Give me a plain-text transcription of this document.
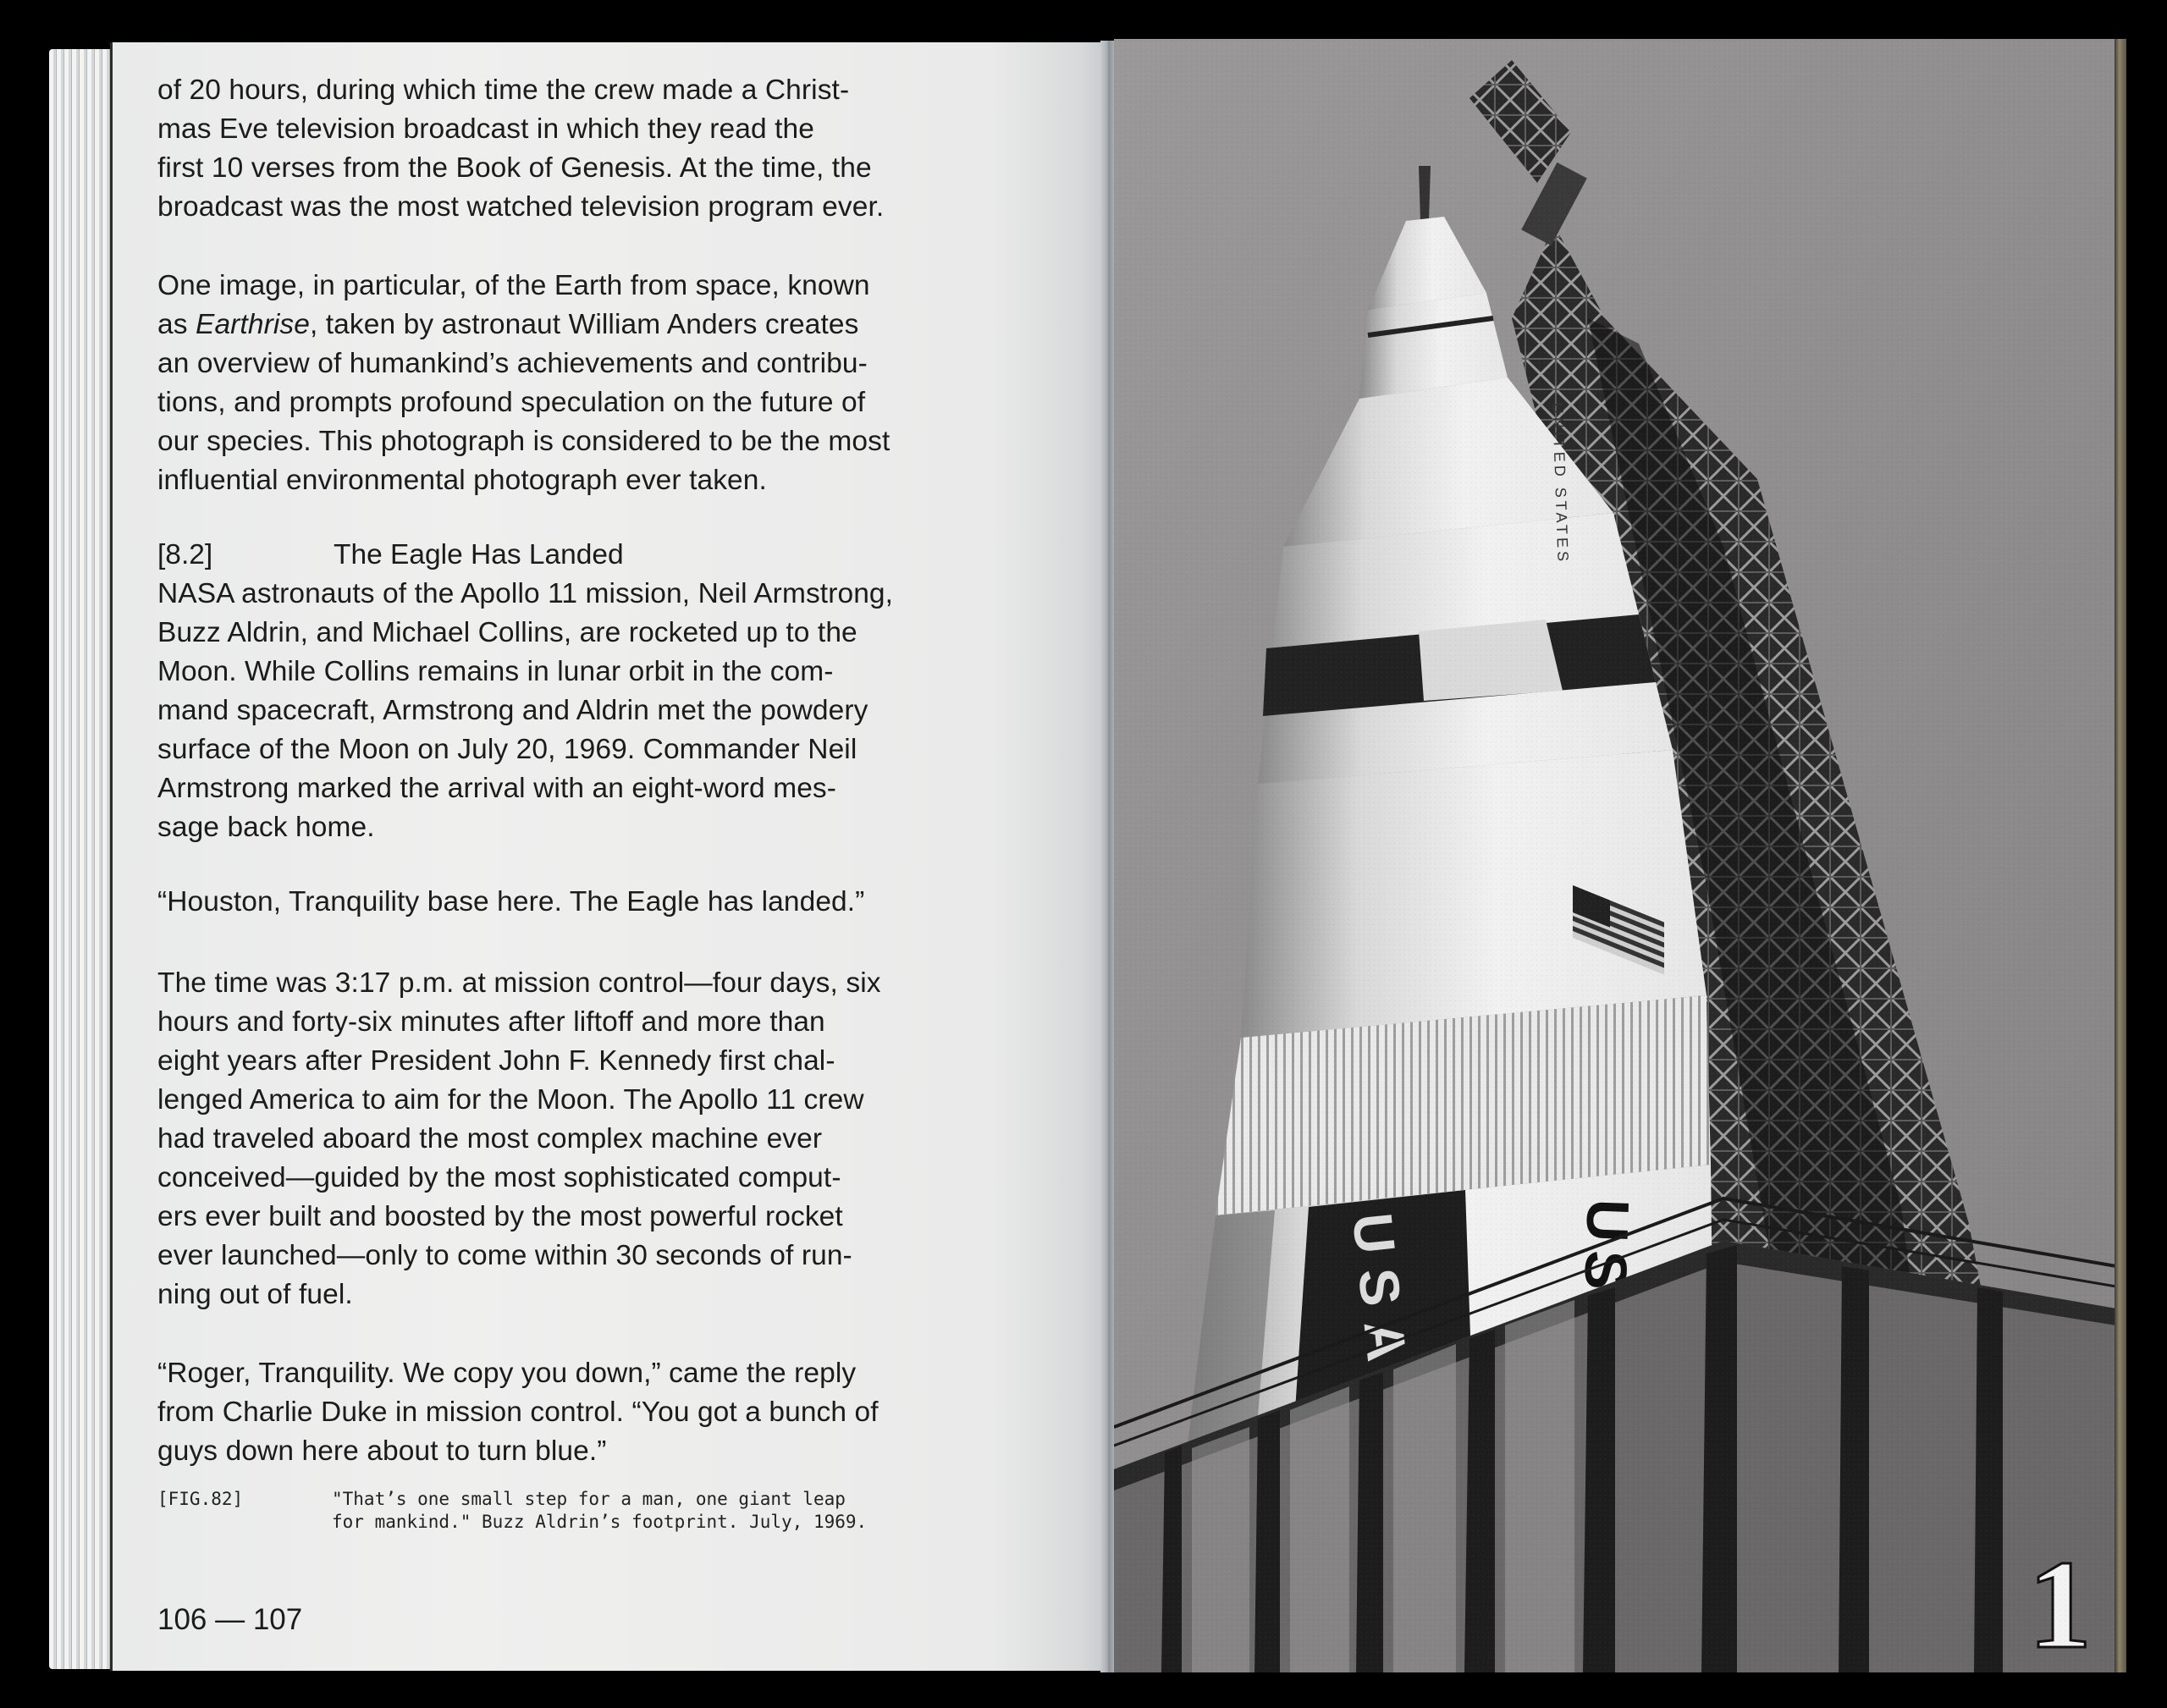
of 20 hours, during which time the crew made a Christ-
mas Eve television broadcast in which they read the
first 10 verses from the Book of Genesis. At the time, the
broadcast was the most watched television program ever.
One image, in particular, of the Earth from space, known
as Earthrise, taken by astronaut William Anders creates
an overview of humankind’s achievements and contribu-
tions, and prompts profound speculation on the future of
our species. This photograph is considered to be the most
influential environmental photograph ever taken.
[8.2]	The Eagle Has Landed
NASA astronauts of the Apollo 11 mission, Neil Armstrong,
Buzz Aldrin, and Michael Collins, are rocketed up to the
Moon. While Collins remains in lunar orbit in the com-
mand spacecraft, Armstrong and Aldrin met the powdery
surface of the Moon on July 20, 1969. Commander Neil
Armstrong marked the arrival with an eight-word mes-
sage back home.
“Houston, Tranquility base here. The Eagle has landed.”
The time was 3:17 p.m. at mission control—four days, six
hours and forty-six minutes after liftoff and more than
eight years after President John F. Kennedy first chal-
lenged America to aim for the Moon. The Apollo 11 crew
had traveled aboard the most complex machine ever
conceived—guided by the most sophisticated comput-
ers ever built and boosted by the most powerful rocket
ever launched—only to come within 30 seconds of run-
ning out of fuel.
“Roger, Tranquility. We copy you down,” came the reply
from Charlie Duke in mission control. “You got a bunch of
guys down here about to turn blue.”
[FIG.82]	"That’s one small step for a man, one giant leap
for mankind." Buzz Aldrin’s footprint. July, 1969.
106 — 107
